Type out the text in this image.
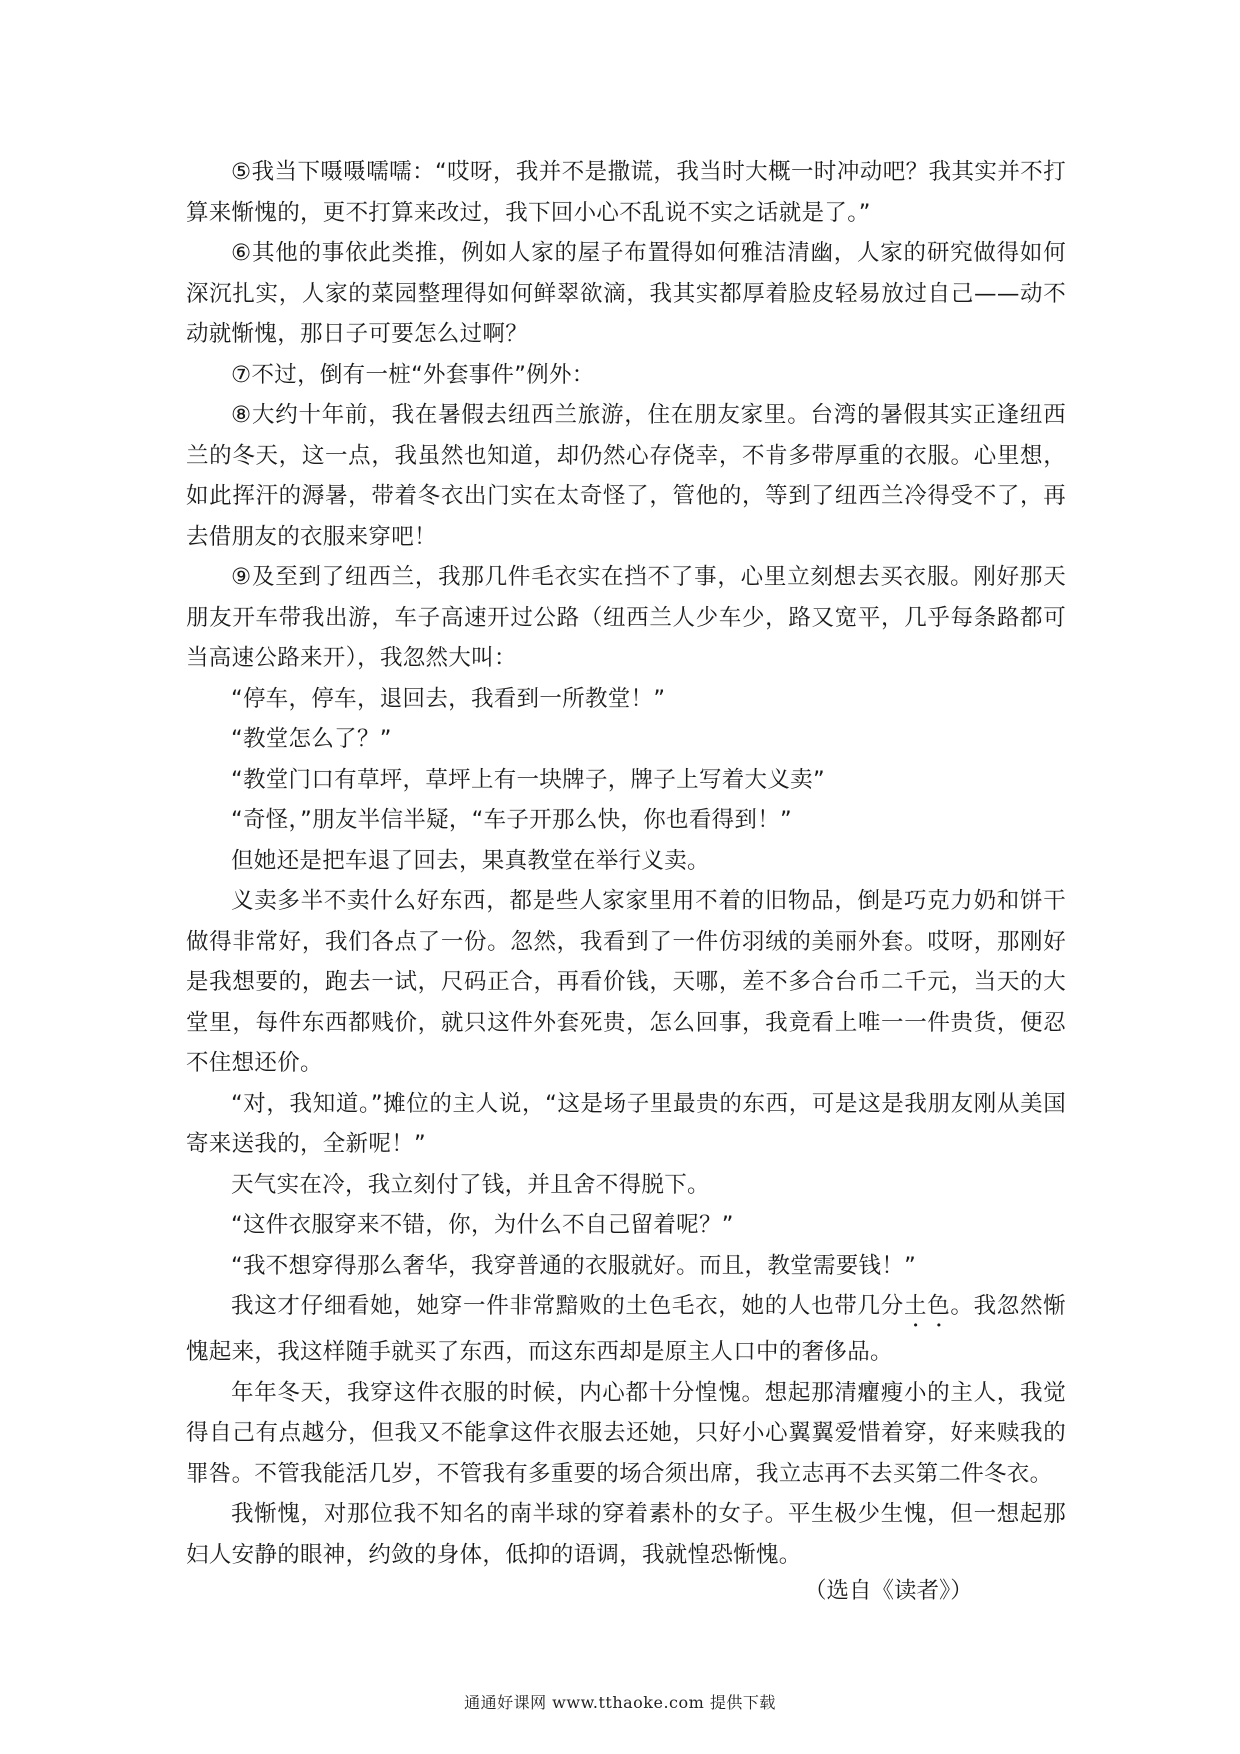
⑤我当下嗫嗫嚅嚅：“哎呀，我并不是撒谎，我当时大概一时冲动吧？我其实并不打算来惭愧的，更不打算来改过，我下回小心不乱说不实之话就是了。”

⑥其他的事依此类推，例如人家的屋子布置得如何雅洁清幽，人家的研究做得如何深沉扎实，人家的菜园整理得如何鲜翠欲滴，我其实都厚着脸皮轻易放过自己——动不动就惭愧，那日子可要怎么过啊？

⑦不过，倒有一桩“外套事件”例外：

⑧大约十年前，我在暑假去纽西兰旅游，住在朋友家里。台湾的暑假其实正逢纽西兰的冬天，这一点，我虽然也知道，却仍然心存侥幸，不肯多带厚重的衣服。心里想，如此挥汗的溽暑，带着冬衣出门实在太奇怪了，管他的，等到了纽西兰冷得受不了，再去借朋友的衣服来穿吧！

⑨及至到了纽西兰，我那几件毛衣实在挡不了事，心里立刻想去买衣服。刚好那天朋友开车带我出游，车子高速开过公路（纽西兰人少车少，路又宽平，几乎每条路都可当高速公路来开），我忽然大叫：

“停车，停车，退回去，我看到一所教堂！”

“教堂怎么了？”

“教堂门口有草坪，草坪上有一块牌子，牌子上写着大义卖”

“奇怪，”朋友半信半疑，“车子开那么快，你也看得到！”

但她还是把车退了回去，果真教堂在举行义卖。

义卖多半不卖什么好东西，都是些人家家里用不着的旧物品，倒是巧克力奶和饼干做得非常好，我们各点了一份。忽然，我看到了一件仿羽绒的美丽外套。哎呀，那刚好是我想要的，跑去一试，尺码正合，再看价钱，天哪，差不多合台币二千元，当天的大堂里，每件东西都贱价，就只这件外套死贵，怎么回事，我竟看上唯一一件贵货，便忍不住想还价。

“对，我知道。”摊位的主人说，“这是场子里最贵的东西，可是这是我朋友刚从美国寄来送我的，全新呢！”

天气实在冷，我立刻付了钱，并且舍不得脱下。

“这件衣服穿来不错，你，为什么不自己留着呢？”

“我不想穿得那么奢华，我穿普通的衣服就好。而且，教堂需要钱！”

我这才仔细看她，她穿一件非常黯败的土色毛衣，她的人也带几分土色。我忽然惭愧起来，我这样随手就买了东西，而这东西却是原主人口中的奢侈品。

年年冬天，我穿这件衣服的时候，内心都十分惶愧。想起那清癯瘦小的主人，我觉得自己有点越分，但我又不能拿这件衣服去还她，只好小心翼翼爱惜着穿，好来赎我的罪咎。不管我能活几岁，不管我有多重要的场合须出席，我立志再不去买第二件冬衣。

我惭愧，对那位我不知名的南半球的穿着素朴的女子。平生极少生愧，但一想起那妇人安静的眼神，约敛的身体，低抑的语调，我就惶恐惭愧。

（选自《读者》）
通通好课网 www.tthaoke.com 提供下载
